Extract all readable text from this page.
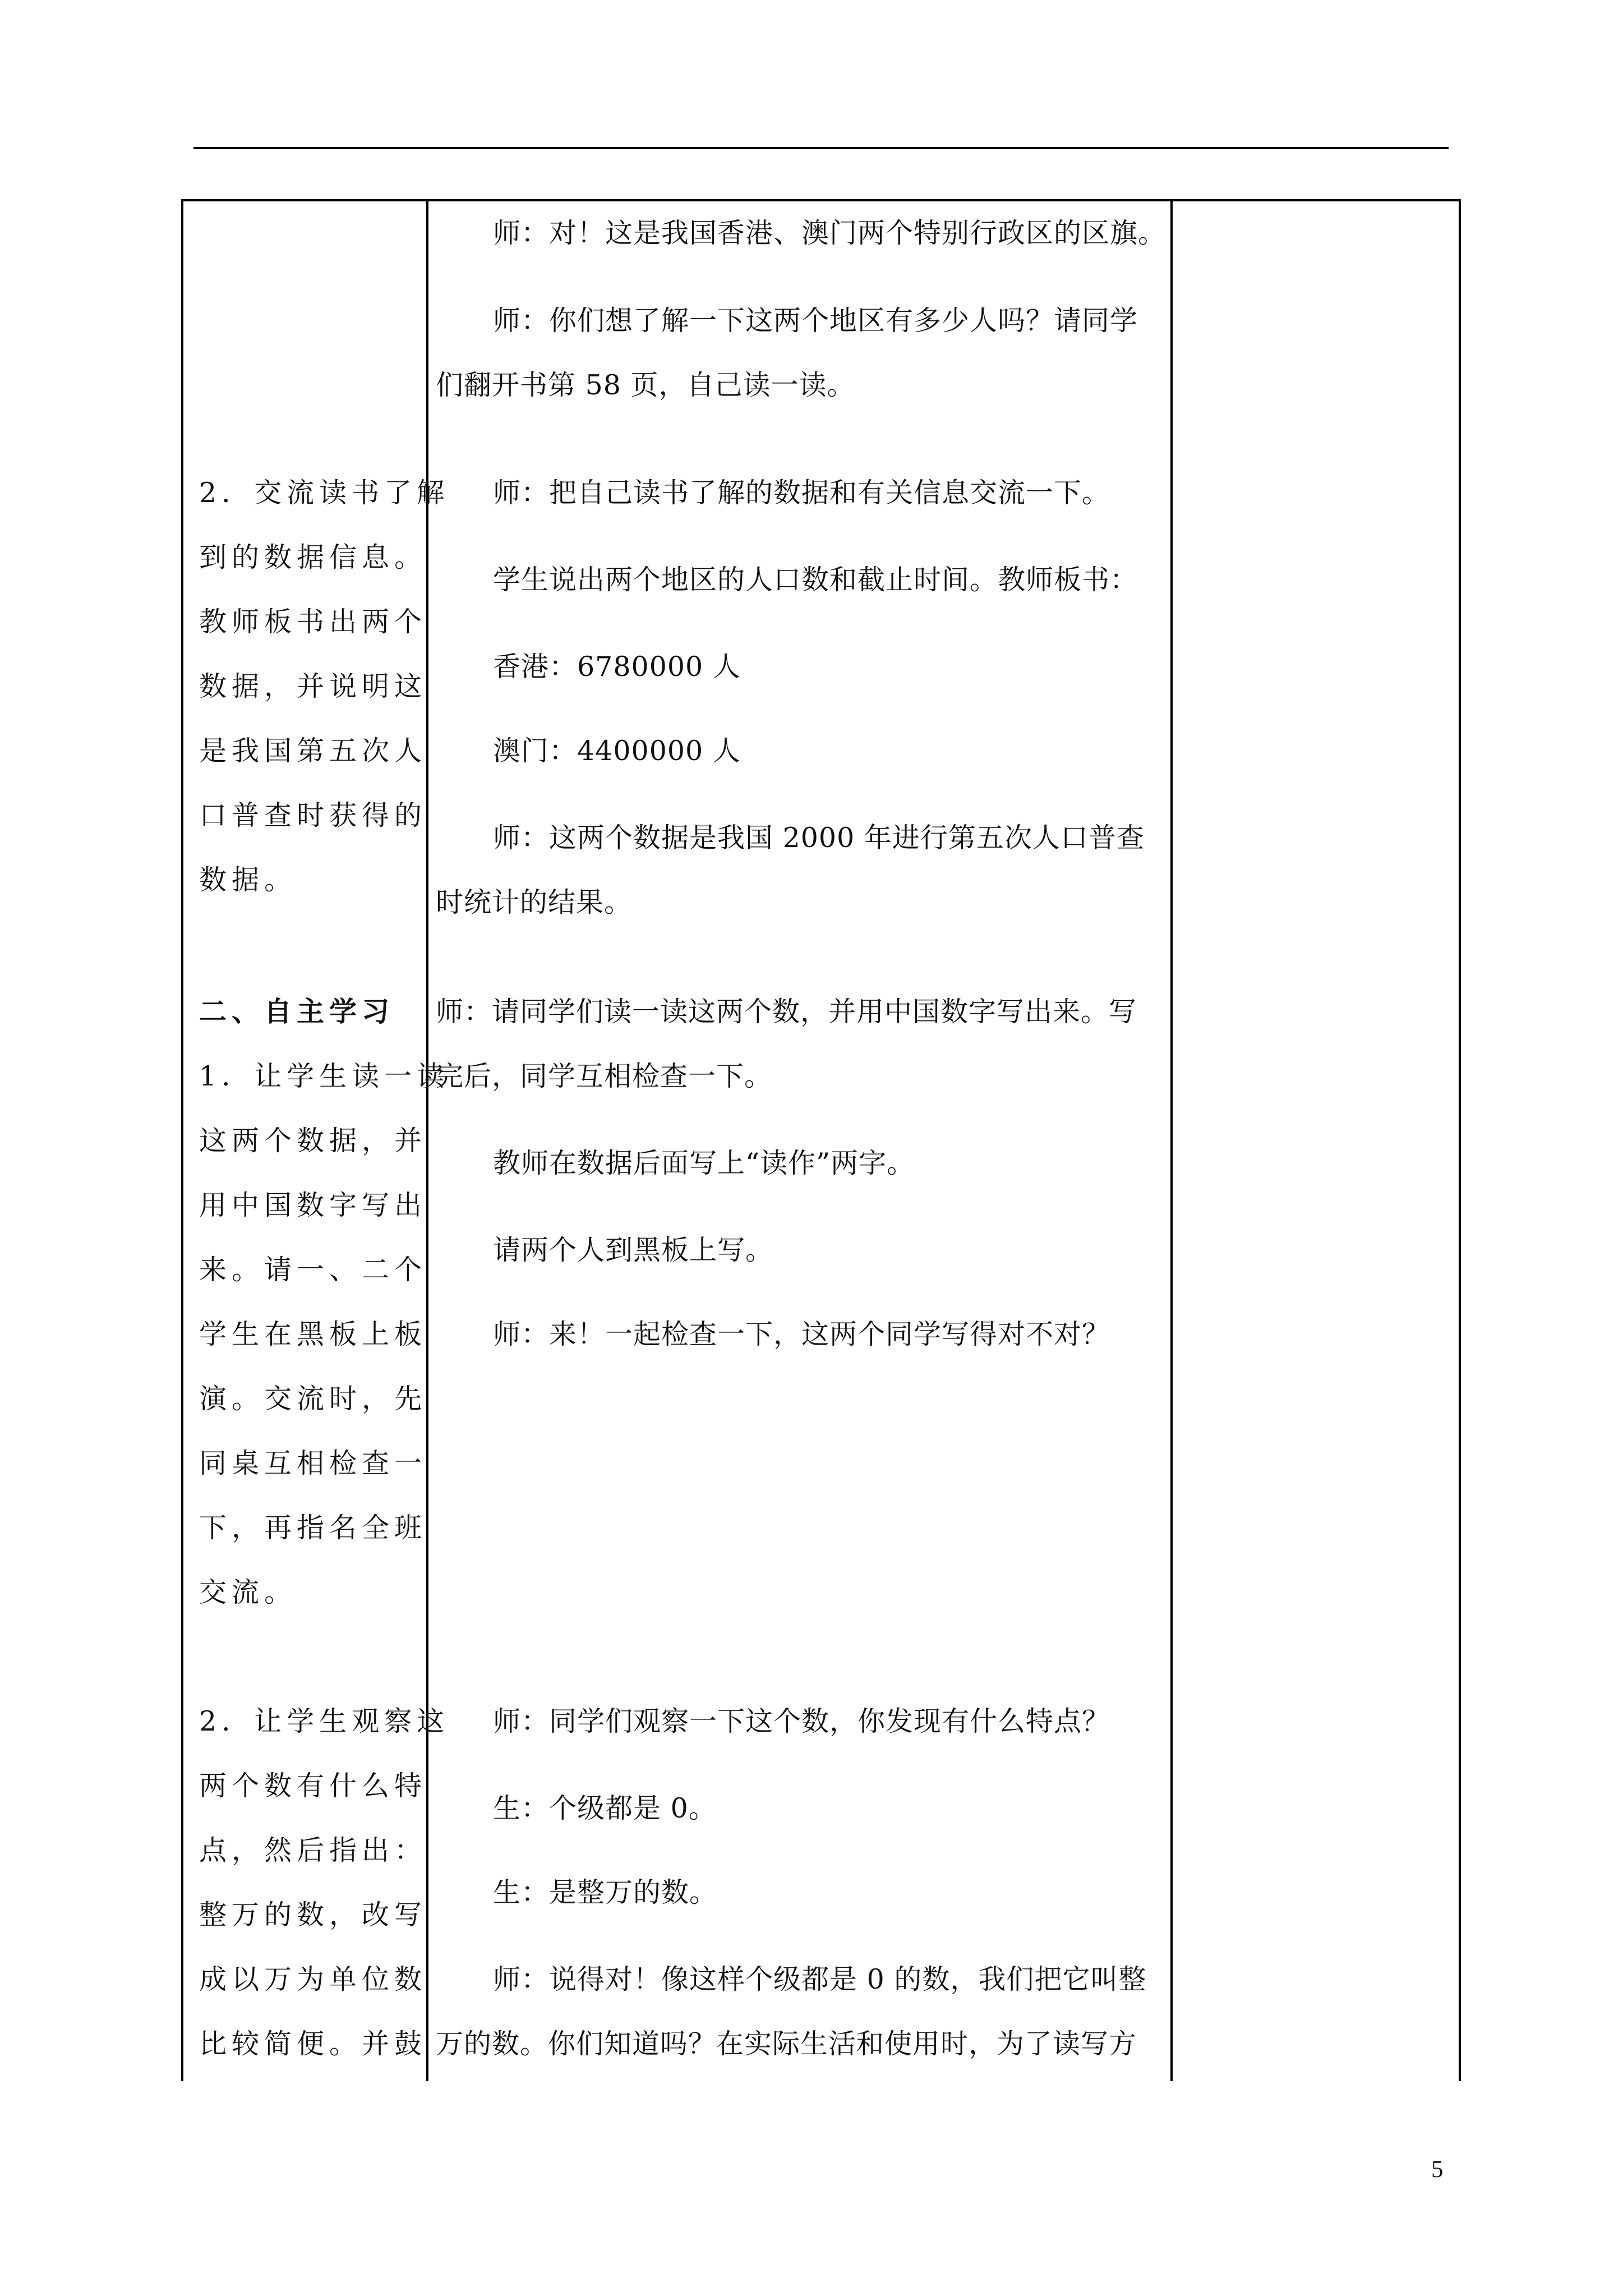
2．交流读书了解

到的数据信息。

教师板书出两个

数据，并说明这

是我国第五次人

口普查时获得的

数据。

二、自主学习

1．让学生读一读

这两个数据，并

用中国数字写出

来。请一、二个

学生在黑板上板

演。交流时，先

同桌互相检查一

下，再指名全班

交流。

2．让学生观察这

两个数有什么特

点，然后指出：

整万的数，改写

成以万为单位数

比较简便。并鼓

师：对！这是我国香港、澳门两个特别行政区的区旗。

师：你们想了解一下这两个地区有多少人吗？请同学

们翻开书第 58 页，自己读一读。

师：把自己读书了解的数据和有关信息交流一下。

学生说出两个地区的人口数和截止时间。教师板书：

香港：6780000 人

澳门：4400000 人

师：这两个数据是我国 2000 年进行第五次人口普查

时统计的结果。

师：请同学们读一读这两个数，并用中国数字写出来。写

完后，同学互相检查一下。

教师在数据后面写上“读作”两字。

请两个人到黑板上写。

师：来！一起检查一下，这两个同学写得对不对？

师：同学们观察一下这个数，你发现有什么特点？

生：个级都是 0。

生：是整万的数。

师：说得对！像这样个级都是 0 的数，我们把它叫整

万的数。你们知道吗？在实际生活和使用时，为了读写方

5
